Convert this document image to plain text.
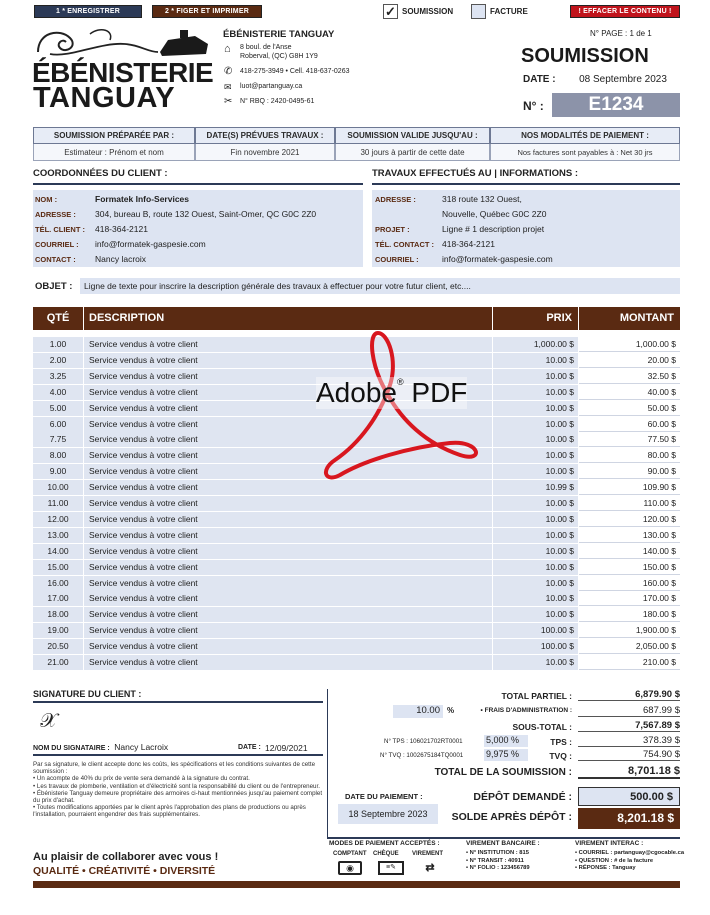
1 * ENREGISTRER	2 * FIGER ET IMPRIMER	✓ SOUMISSION	FACTURE	! EFFACER LE CONTENU !
ÉBÉNISTERIE
TANGUAY
ÉBÉNISTERIE TANGUAY
⌂ 8 boul. de l'Anse
Roberval, (QC) G8H 1Y9
✆ 418-275-3949 • Cell. 418-637-0263
✉ luot@partanguay.ca
✂ N° RBQ : 2420-0495-61
N° PAGE : 1 de 1
SOUMISSION
DATE :	08 Septembre 2023
N° :	E1234
SOUMISSION PRÉPARÉE PAR :	DATE(S) PRÉVUES TRAVAUX :	SOUMISSION VALIDE JUSQU'AU :	NOS MODALITÉS DE PAIEMENT :
Estimateur : Prénom et nom	Fin novembre 2021	30 jours à partir de cette date	Nos factures sont payables à : Net 30 jrs
COORDONNÉES DU CLIENT :	TRAVAUX EFFECTUÉS AU | INFORMATIONS :
NOM :	Formatek Info-Services
ADRESSE : 304, bureau B, route 132 Ouest, Saint-Omer, QC G0C 2Z0
TÉL. CLIENT : 418-364-2121
COURRIEL : info@formatek-gaspesie.com
CONTACT : Nancy lacroix
ADRESSE :	318 route 132 Ouest,
Nouvelle, Québec G0C 2Z0
PROJET :	Ligne # 1 description projet
TÉL. CONTACT : 418-364-2121
COURRIEL :	info@formatek-gaspesie.com
OBJET :	Ligne de texte pour inscrire la description générale des travaux à effectuer pour votre futur client, etc....
QTÉ	DESCRIPTION	PRIX	MONTANT
1.00	Service vendus à votre client	1,000.00 $	1,000.00 $
2.00	Service vendus à votre client	10.00 $	20.00 $
3.25	Service vendus à votre client	10.00 $	32.50 $
4.00	Service vendus à votre client	10.00 $	40.00 $
5.00	Service vendus à votre client	10.00 $	50.00 $
6.00	Service vendus à votre client	10.00 $	60.00 $
7.75	Service vendus à votre client	10.00 $	77.50 $
8.00	Service vendus à votre client	10.00 $	80.00 $
9.00	Service vendus à votre client	10.00 $	90.00 $
10.00	Service vendus à votre client	10.99 $	109.90 $
11.00	Service vendus à votre client	10.00 $	110.00 $
12.00	Service vendus à votre client	10.00 $	120.00 $
13.00	Service vendus à votre client	10.00 $	130.00 $
14.00	Service vendus à votre client	10.00 $	140.00 $
15.00	Service vendus à votre client	10.00 $	150.00 $
16.00	Service vendus à votre client	10.00 $	160.00 $
17.00	Service vendus à votre client	10.00 $	170.00 $
18.00	Service vendus à votre client	10.00 $	180.00 $
19.00	Service vendus à votre client	100.00 $	1,900.00 $
20.50	Service vendus à votre client	100.00 $	2,050.00 $
21.00	Service vendus à votre client	10.00 $	210.00 $
Adobe® PDF
SIGNATURE DU CLIENT :
𝒳
NOM DU SIGNATAIRE : Nancy Lacroix	DATE : 12/09/2021
Par sa signature, le client accepte donc les coûts, les spécifications et les conditions suivantes de cette soumission :
• Un acompte de 40% du prix de vente sera demandé à la signature du contrat.
• Les travaux de plomberie, ventilation et d'électricité sont la responsabilité du client ou de l'entrepreneur.
• Ébénisterie Tanguay demeure propriétaire des armoires ci-haut mentionnées jusqu'au paiement complet du prix d'achat.
• Toutes modifications apportées par le client après l'approbation des plans de productions ou après l'installation, pourraient engendrer des frais supplémentaires.
Au plaisir de collaborer avec vous !
QUALITÉ • CRÉATIVITÉ • DIVERSITÉ
TOTAL PARTIEL :	6,879.90 $
10.00 %	• FRAIS D'ADMINISTRATION :	687.99 $
SOUS-TOTAL :	7,567.89 $
N° TPS : 106021702RT0001	5,000 %	TPS :	378.39 $
N° TVQ : 1002675184TQ0001	9,975 %	TVQ :	754.90 $
TOTAL DE LA SOUMISSION :	8,701.18 $
DATE DU PAIEMENT :
18 Septembre 2023
DÉPÔT DEMANDÉ :	500.00 $
SOLDE APRÈS DÉPÔT :	8,201.18 $
MODES DE PAIEMENT ACCEPTÉS :
COMPTANT CHÈQUE VIREMENT
◉	≡✎	⇄
VIREMENT BANCAIRE :
• N° INSTITUTION : 815
• N° TRANSIT : 40911
• N° FOLIO : 123456789
VIREMENT INTERAC :
• COURRIEL : partanguay@cgocable.ca
• QUESTION : # de la facture
• RÉPONSE : Tanguay
